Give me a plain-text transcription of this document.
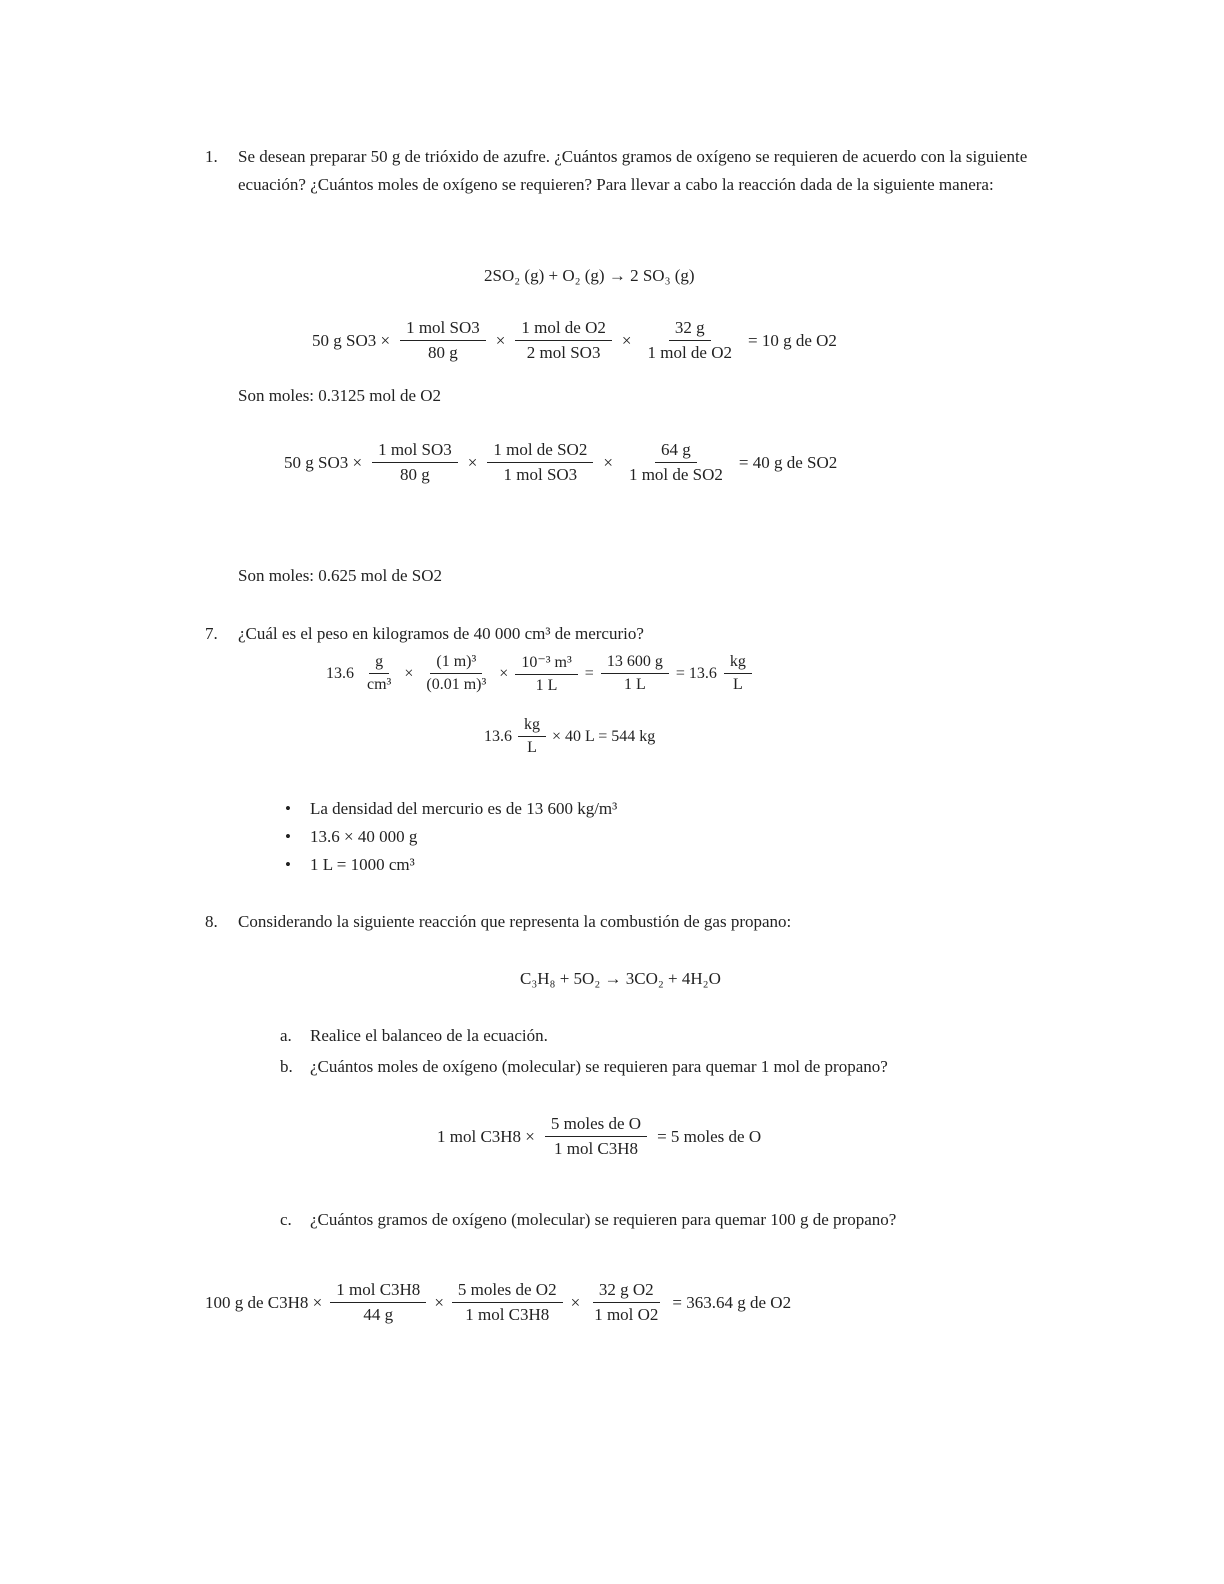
1. Se desean preparar 50 g de trióxido de azufre. ¿Cuántos gramos de oxígeno se requieren de acuerdo con la siguiente ecuación? ¿Cuántos moles de oxígeno se requieren? Para llevar a cabo la reacción dada de la siguiente manera:
2SO₂ (g) + O₂ (g) → 2 SO₃ (g)
50 g $SO3 \times \frac{\text{1 mol SO3}}{80 g} \times \frac{\text{1 mol de O2}}{\text{2 mol SO3}} \times \frac{32 g}{\text{1 mol de O2}} = 10$ g de O2
Son moles: 0.3125 mol de O2
50 g $SO3 \times \frac{\text{1 mol SO3}}{80 g} \times \frac{\text{1 mol de SO2}}{\text{1 mol SO3}} \times \frac{64 g}{\text{1 mol de SO2}} = 40$ g de SO2
Son moles: 0.625 mol de SO2
7. ¿Cuál es el peso en kilogramos de 40 000 cm³ de mercurio?
$13.6 \frac{g}{\text{cm³}} \times \frac{\text{(1 m)³}}{\text{(0.01 m)³}} \times \frac{\text{10⁻³ m³}}{1 L} = \frac{13 600 g}{1 L} = 13.6 \frac{kg}{L}$
$13.6 \frac{kg}{L} \times 40$ L = 544 kg
• La densidad del mercurio es de 13 600 kg/m³
• 13.6 × 40 000 g
• 1 L = 1000 cm³
8. Considerando la siguiente reacción que representa la combustión de gas propano:
C₃H₈ + 5O₂ → 3CO₂ + 4H₂O
a. Realice el balanceo de la ecuación.
b. ¿Cuántos moles de oxígeno (molecular) se requieren para quemar 1 mol de propano?
1 mol $C3H8 \times \frac{\text{5 moles de O}}{\text{1 mol C3H8}} = 5$ moles de O
c. ¿Cuántos gramos de oxígeno (molecular) se requieren para quemar 100 g de propano?
100 g de $C3H8 \times \frac{\text{1 mol C3H8}}{44 g} \times \frac{\text{5 moles de O2}}{\text{1 mol C3H8}} \times \frac{\text{32 g O2}}{\text{1 mol O2}} = 363.64$ g de O2
